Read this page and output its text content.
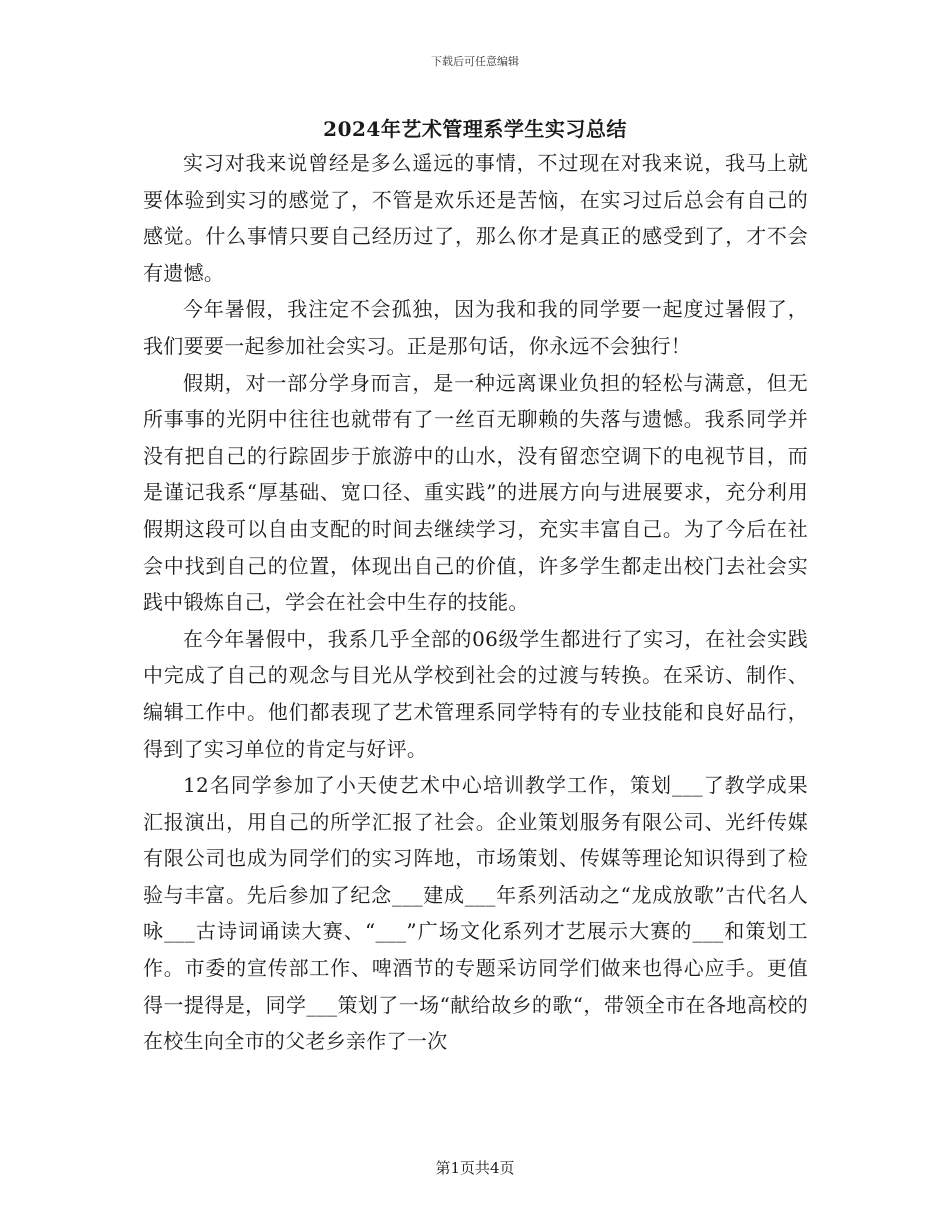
下载后可任意编辑
2024年艺术管理系学生实习总结

实习对我来说曾经是多么遥远的事情，不过现在对我来说，我马上就要体验到实习的感觉了，不管是欢乐还是苦恼，在实习过后总会有自己的感觉。什么事情只要自己经历过了，那么你才是真正的感受到了，才不会有遗憾。

今年暑假，我注定不会孤独，因为我和我的同学要一起度过暑假了，我们要要一起参加社会实习。正是那句话，你永远不会独行！

假期，对一部分学身而言，是一种远离课业负担的轻松与满意，但无所事事的光阴中往往也就带有了一丝百无聊赖的失落与遗憾。我系同学并没有把自己的行踪固步于旅游中的山水，没有留恋空调下的电视节目，而是谨记我系“厚基础、宽口径、重实践”的进展方向与进展要求，充分利用假期这段可以自由支配的时间去继续学习，充实丰富自己。为了今后在社会中找到自己的位置，体现出自己的价值，许多学生都走出校门去社会实践中锻炼自己，学会在社会中生存的技能。

在今年暑假中，我系几乎全部的06级学生都进行了实习，在社会实践中完成了自己的观念与目光从学校到社会的过渡与转换。在采访、制作、编辑工作中。他们都表现了艺术管理系同学特有的专业技能和良好品行，得到了实习单位的肯定与好评。

12名同学参加了小天使艺术中心培训教学工作，策划___了教学成果汇报演出，用自己的所学汇报了社会。企业策划服务有限公司、光纤传媒有限公司也成为同学们的实习阵地，市场策划、传媒等理论知识得到了检验与丰富。先后参加了纪念___建成___年系列活动之“龙成放歌”古代名人咏___古诗词诵读大赛、“___”广场文化系列才艺展示大赛的___和策划工作。市委的宣传部工作、啤酒节的专题采访同学们做来也得心应手。更值得一提得是，同学___策划了一场“献给故乡的歌“，带领全市在各地高校的在校生向全市的父老乡亲作了一次

第1页共4页
